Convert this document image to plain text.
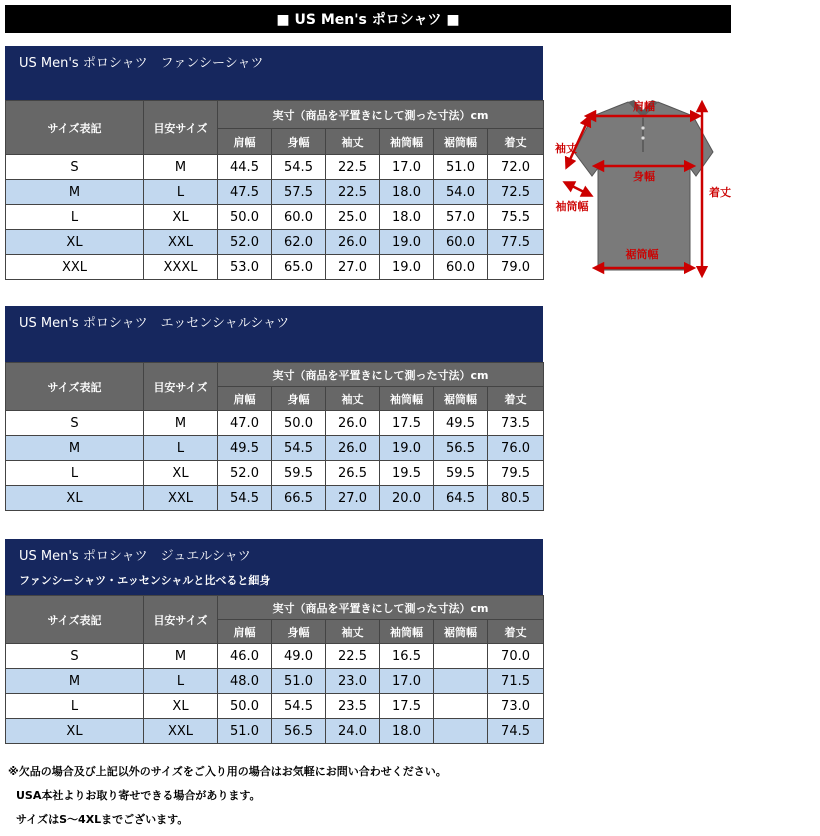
■ US Men's ポロシャツ ■
US Men's ポロシャツ　ファンシーシャツ
サイズ表記	目安サイズ	実寸（商品を平置きにして測った寸法）cm					
		肩幅	身幅	袖丈	袖筒幅	裾筒幅	着丈
S	M	44.5	54.5	22.5	17.0	51.0	72.0
M	L	47.5	57.5	22.5	18.0	54.0	72.5
L	XL	50.0	60.0	25.0	18.0	57.0	75.5
XL	XXL	52.0	62.0	26.0	19.0	60.0	77.5
XXL	XXXL	53.0	65.0	27.0	19.0	60.0	79.0
US Men's ポロシャツ　エッセンシャルシャツ
サイズ表記	目安サイズ	実寸（商品を平置きにして測った寸法）cm					
		肩幅	身幅	袖丈	袖筒幅	裾筒幅	着丈
S	M	47.0	50.0	26.0	17.5	49.5	73.5
M	L	49.5	54.5	26.0	19.0	56.5	76.0
L	XL	52.0	59.5	26.5	19.5	59.5	79.5
XL	XXL	54.5	66.5	27.0	20.0	64.5	80.5
US Men's ポロシャツ　ジュエルシャツ
ファンシーシャツ・エッセンシャルと比べると細身
サイズ表記	目安サイズ	実寸（商品を平置きにして測った寸法）cm					
		肩幅	身幅	袖丈	袖筒幅	裾筒幅	着丈
S	M	46.0	49.0	22.5	16.5		70.0
M	L	48.0	51.0	23.0	17.0		71.5
L	XL	50.0	54.5	23.5	17.5		73.0
XL	XXL	51.0	56.5	24.0	18.0		74.5
肩幅
袖丈
身幅
袖筒幅
裾筒幅
着丈
※欠品の場合及び上記以外のサイズをご入り用の場合はお気軽にお問い合わせください。
USA本社よりお取り寄せできる場合があります。
サイズはS～4XLまでございます。
